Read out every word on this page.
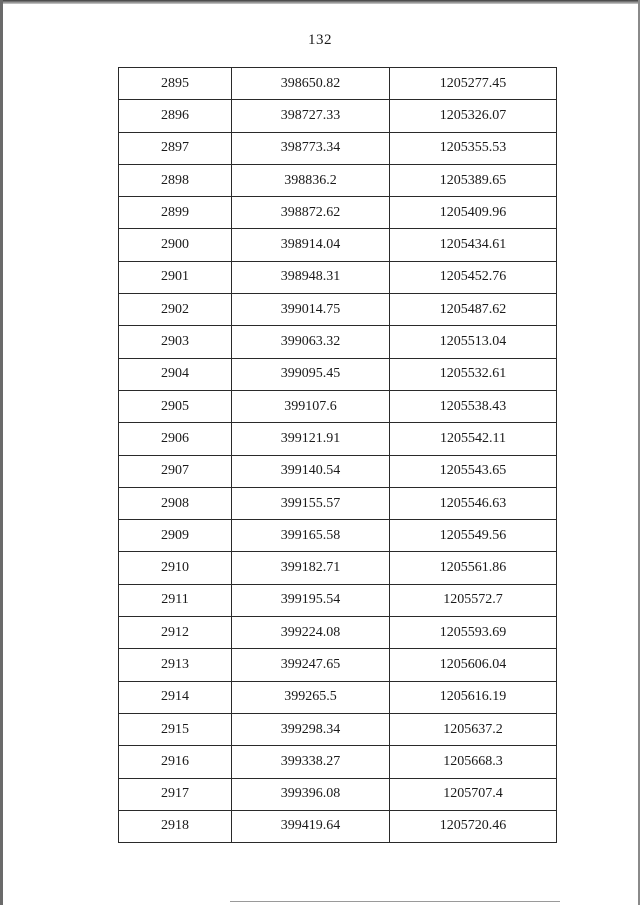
132
2895	398650.82	1205277.45
2896	398727.33	1205326.07
2897	398773.34	1205355.53
2898	398836.2	1205389.65
2899	398872.62	1205409.96
2900	398914.04	1205434.61
2901	398948.31	1205452.76
2902	399014.75	1205487.62
2903	399063.32	1205513.04
2904	399095.45	1205532.61
2905	399107.6	1205538.43
2906	399121.91	1205542.11
2907	399140.54	1205543.65
2908	399155.57	1205546.63
2909	399165.58	1205549.56
2910	399182.71	1205561.86
2911	399195.54	1205572.7
2912	399224.08	1205593.69
2913	399247.65	1205606.04
2914	399265.5	1205616.19
2915	399298.34	1205637.2
2916	399338.27	1205668.3
2917	399396.08	1205707.4
2918	399419.64	1205720.46
